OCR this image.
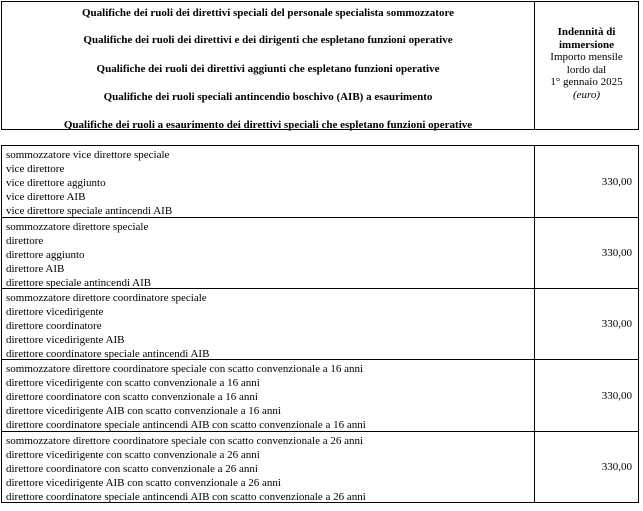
Qualifiche dei ruoli dei direttivi speciali del personale specialista sommozzatore
Qualifiche dei ruoli dei direttivi e dei dirigenti che espletano funzioni operative
Qualifiche dei ruoli dei direttivi aggiunti che espletano funzioni operative
Qualifiche dei ruoli speciali antincendio boschivo (AIB) a esaurimento
Qualifiche dei ruoli a esaurimento dei direttivi speciali che espletano funzioni operative
Indennità di
immersione
Importo mensile
lordo dal
1° gennaio 2025
(euro)
sommozzatore vice direttore speciale
vice direttore
vice direttore aggiunto
vice direttore AIB
vice direttore speciale antincendi AIB
330,00
sommozzatore direttore speciale
direttore
direttore aggiunto
direttore AIB
direttore speciale antincendi AIB
330,00
sommozzatore direttore coordinatore speciale
direttore vicedirigente
direttore coordinatore
direttore vicedirigente AIB
direttore coordinatore speciale antincendi AIB
330,00
sommozzatore direttore coordinatore speciale con scatto convenzionale a 16 anni
direttore vicedirigente con scatto convenzionale a 16 anni
direttore coordinatore con scatto convenzionale a 16 anni
direttore vicedirigente AIB con scatto convenzionale a 16 anni
direttore coordinatore speciale antincendi AIB con scatto convenzionale a 16 anni
330,00
sommozzatore direttore coordinatore speciale con scatto convenzionale a 26 anni
direttore vicedirigente con scatto convenzionale a 26 anni
direttore coordinatore con scatto convenzionale a 26 anni
direttore vicedirigente AIB con scatto convenzionale a 26 anni
direttore coordinatore speciale antincendi AIB con scatto convenzionale a 26 anni
330,00
